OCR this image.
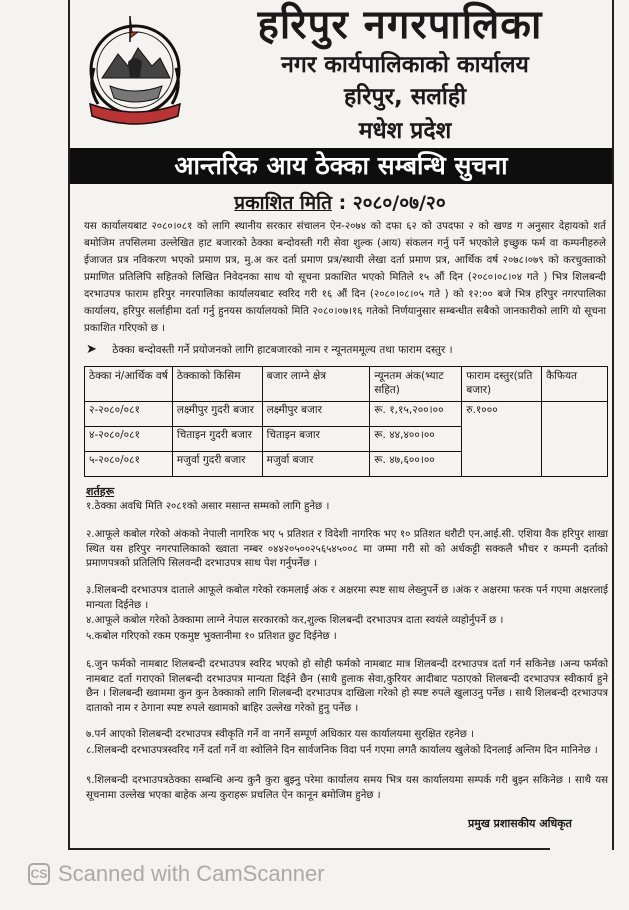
हरिपुर नगरपालिका
नगर कार्यपालिकाको कार्यालय
हरिपुर, सर्लाही
मधेश प्रदेश
आन्तरिक आय ठेक्का सम्बन्धि सुचना
प्रकाशित मिति : २०८०/०७/२०
यस कार्यालयबाट २०८०।०८१ को लागि स्थानीय सरकार संचालन ऐन-२०७४ को दफा ६२ को उपदफा २ को खण्ड ग अनुसार देहायको शर्त बमोजिम तपसिलमा उल्लेखित हाट बजारको ठेक्का बन्दोवस्ती गरी सेवा शुल्क (आय) संकलन गर्नु पर्ने भएकोले इच्छुक फर्म वा कम्पनीहरुले ईजाजत प्रत्र नविकरण भएको प्रमाण प्रत्र, मु.अ कर दर्ता प्रमाण प्रत्र/स्थायी लेखा दर्ता प्रमाण प्रत्र, आर्थिक वर्ष २०७८।०७९ को करचुक्ताको प्रमाणित प्रतिलिपि सहितको लिखित निवेदनका साथ यो सूचना प्रकाशित भएको मितिले १५ औं दिन (२०८०।०८।०४ गते ) भित्र शिलबन्दी दरभाउपत्र फाराम हरिपुर नगरपालिका कार्यालयबाट स्वरिद गरी १६ औं दिन (२०८०।०८।०५ गते ) को १२:०० बजे भित्र हरिपुर नगरपालिका कार्यालय, हरिपुर सर्लाहीमा दर्ता गर्नु हुनयस कार्यालयको मिति २०८०।०७।१६ गतेको निर्णयानुसार सम्बन्धीत सबैको जानकारीको लागि यो सूचना प्रकाशित गरिएको छ ।
➤ ठेक्का बन्दोवस्ती गर्ने प्रयोजनको लागि हाटबजारको नाम र न्यूनतममूल्य तथा फाराम दस्तुर ।
ठेक्का नं/आर्थिक वर्ष	ठेक्काको किसिम	बजार लाग्ने क्षेत्र	न्यूनतम अंक(भ्याट सहित)	फाराम दस्तुर(प्रति बजार)	कैफियत
२-२०८०/०८१	लक्ष्मीपुर गुदरी बजार	लक्ष्मीपुर बजार	रू. १,१५,२००।००	रु.१०००	
४-२०८०/०८१	चिताइन गुदरी बजार	चिताइन बजार	रू. ४४,४००।००		
५-२०८०/०८१	मजुर्वा गुदरी बजार	मजुर्वा बजार	रू. ४७,६००।००		
शर्तहरू
१.ठेक्का अवधि मिति २०८१को असार मसान्त सम्मको लागि हुनेछ ।
२.आफूले कबोल गरेको अंकको नेपाली नागरिक भए ५ प्रतिशत र विदेशी नागरिक भए १० प्रतिशत धरौटी एन.आई.सी. एशिया वैक हरिपुर शाखा स्थित यस हरिपुर नगरपालिकाको ख्वाता नम्बर ०४४२०५००२५६५४५००८ मा जम्मा गरी सो को अर्धकट्टी सक्कलै भौचर र कम्पनी दर्ताको प्रमाणपत्रको प्रतिलिपि सिलवन्दी दरभाउपत्र साथ पेश गर्नुपर्नेछ ।
३.शिलबन्दी दरभाउपत्र दाताले आफूले कबोल गरेको रकमलाई अंक र अक्षरमा स्पष्ट साथ लेख्नुपर्ने छ ।अंक र अक्षरमा फरक पर्न गएमा अक्षरलाई मान्यता दिईनेछ ।
४.आफूले कबोल गरेको ठेक्कामा लाग्ने नेपाल सरकारको कर,शुल्क शिलबन्दी दरभाउपत्र दाता स्वयंले व्यहोर्नुपर्ने छ ।
५.कबोल गरिएको रकम एकमुष्ट भुक्तानीमा १० प्रतिशत छुट दिईनेछ ।
६.जुन फर्मको नामबाट शिलबन्दी दरभाउपत्र स्वरिद भएको हो सोही फर्मको नामबाट मात्र शिलबन्दी दरभाउपत्र दर्ता गर्न सकिनेछ ।अन्य फर्मको नामबाट दर्ता गराएको शिलबन्दी दरभाउपत्र मान्यता दिईने छैन (साथै हुलाक सेवा,कुरियर आदीबाट पठाएको शिलबन्दी दरभाउपत्र स्वीकार्य हुने छैन । शिलबन्दी ख्वाममा कुन कुन ठेक्काको लागि शिलबन्दी दरभाउपत्र दाखिला गरेको हो स्पष्ट रुपले खुलाउनु पर्नेछ । साथै शिलबन्दी दरभाउपत्र दाताको नाम र ठेगाना स्पष्ट रुपले ख्वामको बाहिर उल्लेख गरेको हुनु पर्नेछ ।
७.पर्न आएको शिलबन्दी दरभाउपत्र स्वीकृति गर्ने वा नगर्ने सम्पूर्ण अधिकार यस कार्यालयमा सुरक्षित रहनेछ ।
८.शिलबन्दी दरभाउपत्रस्वरिद गर्ने दर्ता गर्ने वा स्वोलिने दिन सार्वजनिक विदा पर्न गएमा लगतै कार्यालय खुलेको दिनलाई अन्तिम दिन मानिनेछ ।
९.शिलबन्दी दरभाउपत्रठेक्का सम्बन्धि अन्य कुनै कुरा बुझ्नु परेमा कार्यालय समय भित्र यस कार्यालयमा सम्पर्क गरी बुझ्न सकिनेछ । साथै यस सूचनामा उल्लेख भएका बाहेक अन्य कुराहरू प्रचलित ऐन कानून बमोजिम हुनेछ ।
प्रमुख प्रशासकीय अधिकृत
CS Scanned with CamScanner
